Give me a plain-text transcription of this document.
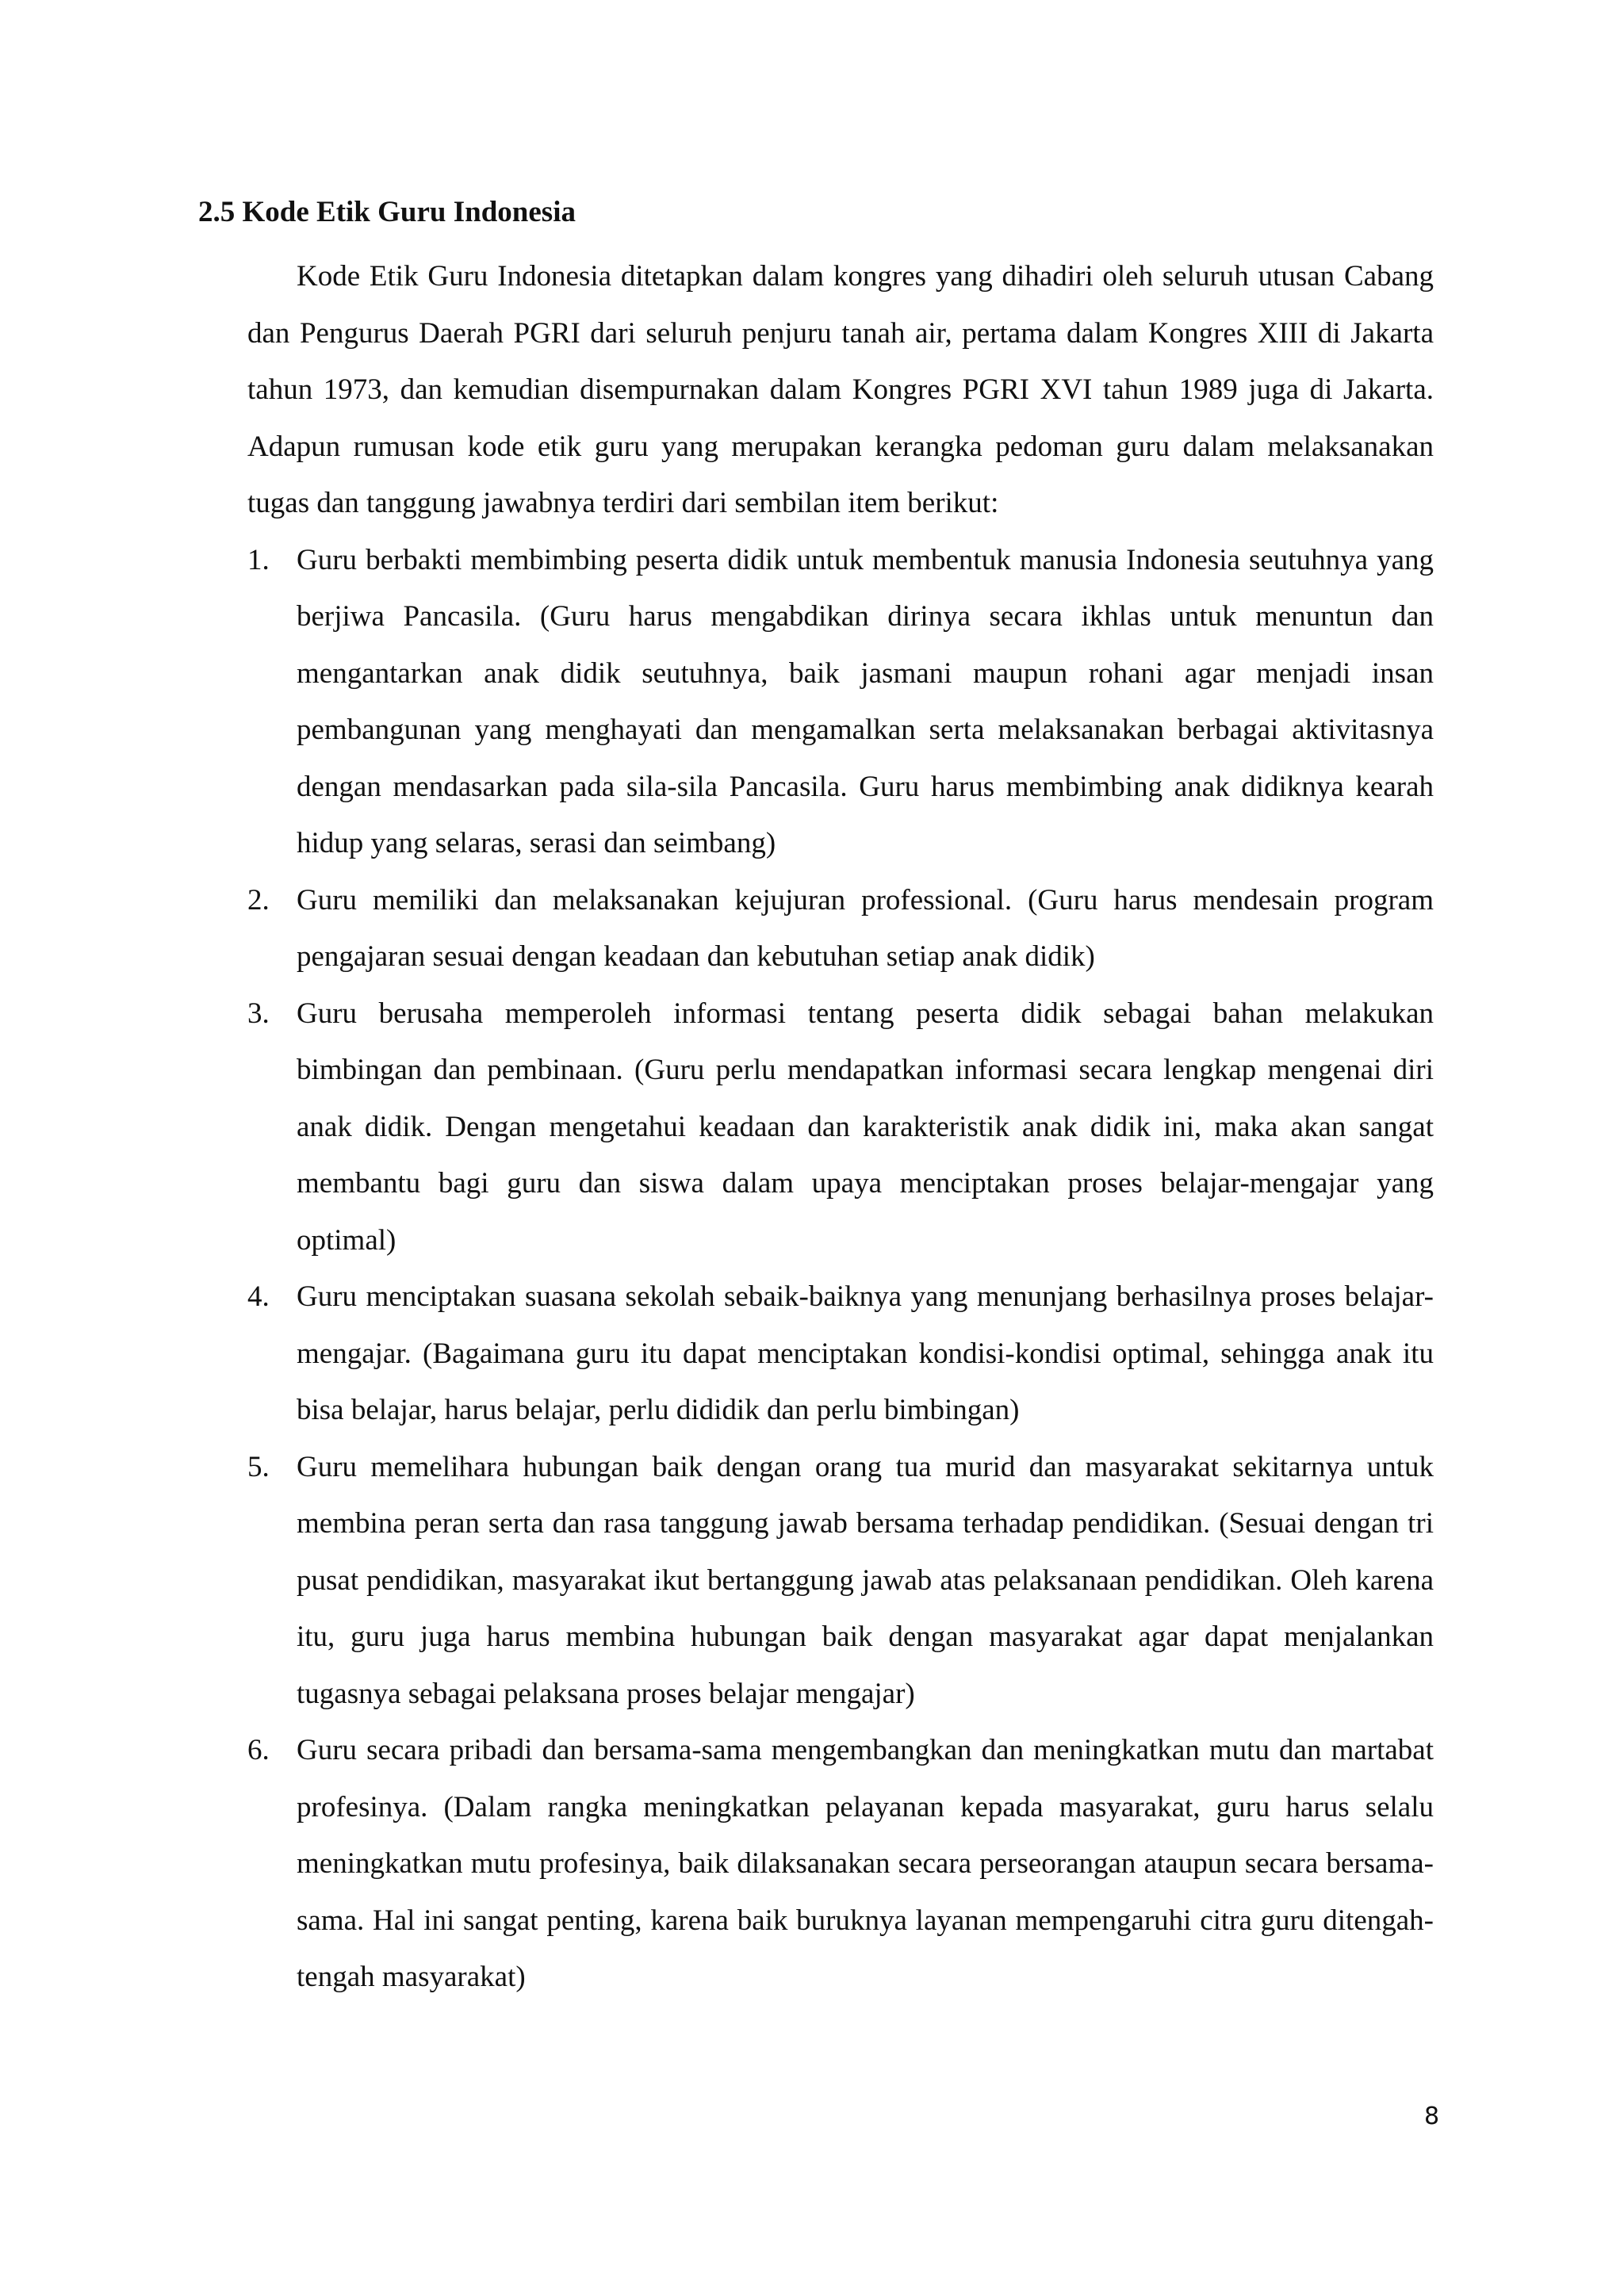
2.5 Kode Etik Guru Indonesia

Kode Etik Guru Indonesia ditetapkan dalam kongres yang dihadiri oleh seluruh utusan Cabang dan Pengurus Daerah PGRI dari seluruh penjuru tanah air, pertama dalam Kongres XIII di Jakarta tahun 1973, dan kemudian disempurnakan dalam Kongres PGRI XVI tahun 1989 juga di Jakarta. Adapun rumusan kode etik guru yang merupakan kerangka pedoman guru dalam melaksanakan tugas dan tanggung jawabnya terdiri dari sembilan item berikut:

1. Guru berbakti membimbing peserta didik untuk membentuk manusia Indonesia seutuhnya yang berjiwa Pancasila. (Guru harus mengabdikan dirinya secara ikhlas untuk menuntun dan mengantarkan anak didik seutuhnya, baik jasmani maupun rohani agar menjadi insan pembangunan yang menghayati dan mengamalkan serta melaksanakan berbagai aktivitasnya dengan mendasarkan pada sila-sila Pancasila. Guru harus membimbing anak didiknya kearah hidup yang selaras, serasi dan seimbang)
2. Guru memiliki dan melaksanakan kejujuran professional. (Guru harus mendesain program pengajaran sesuai dengan keadaan dan kebutuhan setiap anak didik)
3. Guru berusaha memperoleh informasi tentang peserta didik sebagai bahan melakukan bimbingan dan pembinaan. (Guru perlu mendapatkan informasi secara lengkap mengenai diri anak didik. Dengan mengetahui keadaan dan karakteristik anak didik ini, maka akan sangat membantu bagi guru dan siswa dalam upaya menciptakan proses belajar-mengajar yang optimal)
4. Guru menciptakan suasana sekolah sebaik-baiknya yang menunjang berhasilnya proses belajar-mengajar. (Bagaimana guru itu dapat menciptakan kondisi-kondisi optimal, sehingga anak itu bisa belajar, harus belajar, perlu dididik dan perlu bimbingan)
5. Guru memelihara hubungan baik dengan orang tua murid dan masyarakat sekitarnya untuk membina peran serta dan rasa tanggung jawab bersama terhadap pendidikan. (Sesuai dengan tri pusat pendidikan, masyarakat ikut bertanggung jawab atas pelaksanaan pendidikan. Oleh karena itu, guru juga harus membina hubungan baik dengan masyarakat agar dapat menjalankan tugasnya sebagai pelaksana proses belajar mengajar)
6. Guru secara pribadi dan bersama-sama mengembangkan dan meningkatkan mutu dan martabat profesinya. (Dalam rangka meningkatkan pelayanan kepada masyarakat, guru harus selalu meningkatkan mutu profesinya, baik dilaksanakan secara perseorangan ataupun secara bersama-sama. Hal ini sangat penting, karena baik buruknya layanan mempengaruhi citra guru ditengah-tengah masyarakat)
8
